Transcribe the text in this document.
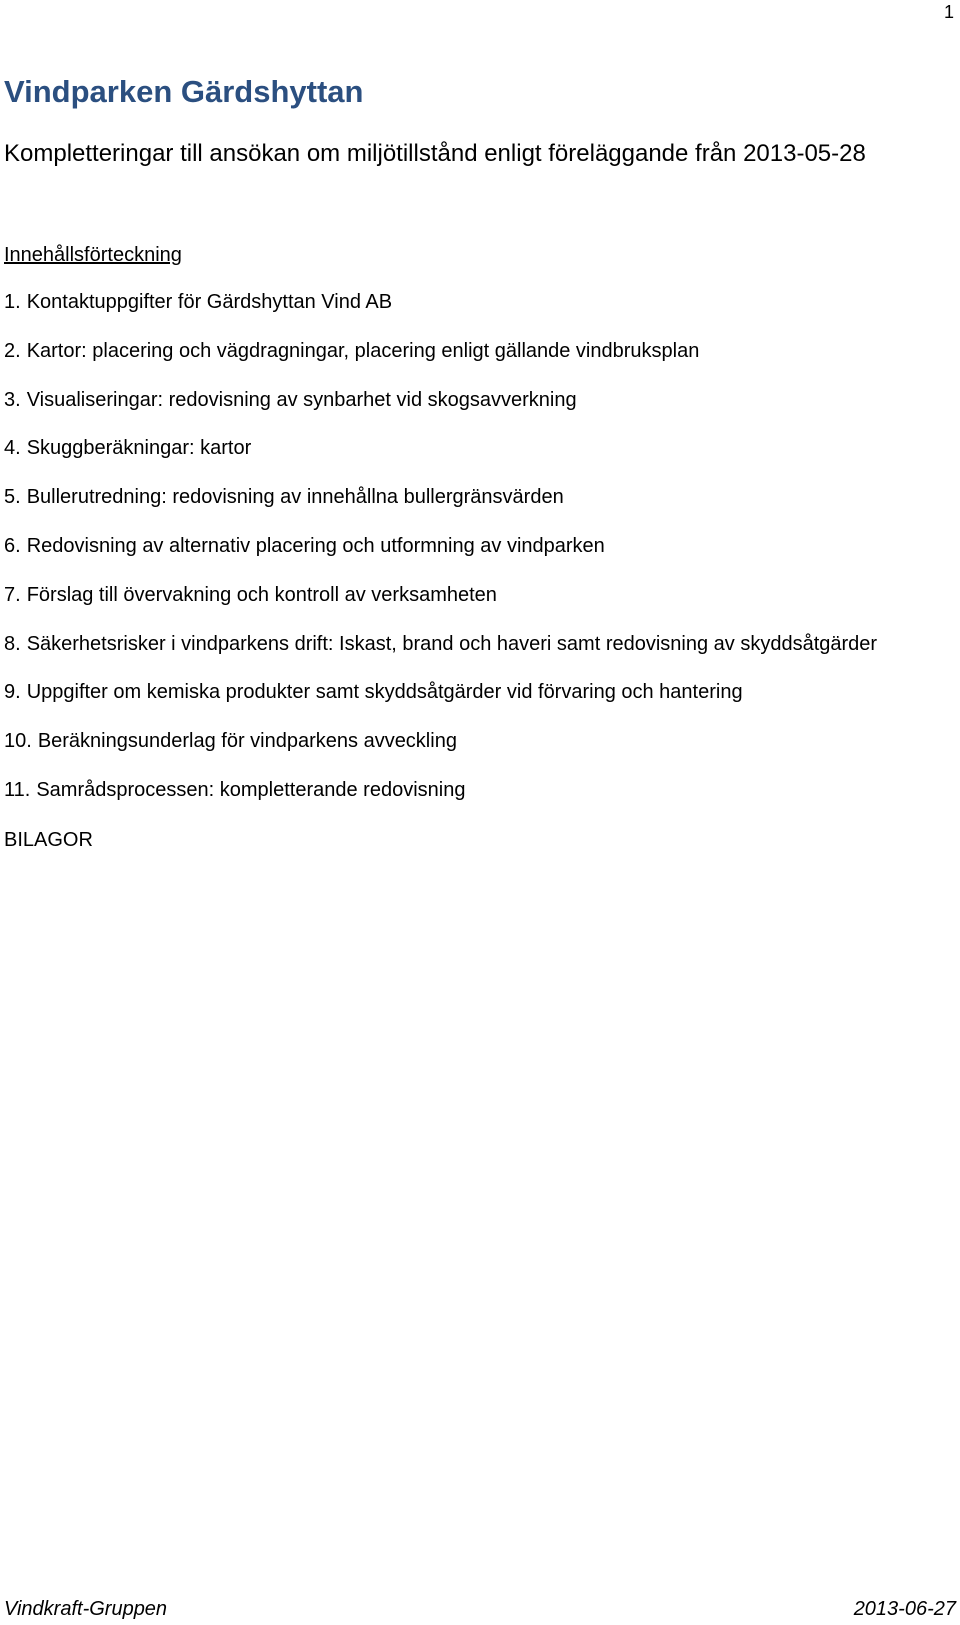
1
Vindparken Gärdshyttan
Kompletteringar till ansökan om miljötillstånd enligt föreläggande från 2013-05-28
Innehållsförteckning
1. Kontaktuppgifter för Gärdshyttan Vind AB
2. Kartor: placering och vägdragningar, placering enligt gällande vindbruksplan
3. Visualiseringar: redovisning av synbarhet vid skogsavverkning
4. Skuggberäkningar: kartor
5. Bullerutredning: redovisning av innehållna bullergränsvärden
6. Redovisning av alternativ placering och utformning av vindparken
7. Förslag till övervakning och kontroll av verksamheten
8. Säkerhetsrisker i vindparkens drift: Iskast, brand och haveri samt redovisning av skyddsåtgärder
9. Uppgifter om kemiska produkter samt skyddsåtgärder vid förvaring och hantering
10. Beräkningsunderlag för vindparkens avveckling
11. Samrådsprocessen: kompletterande redovisning
BILAGOR
Vindkraft-Gruppen	2013-06-27
